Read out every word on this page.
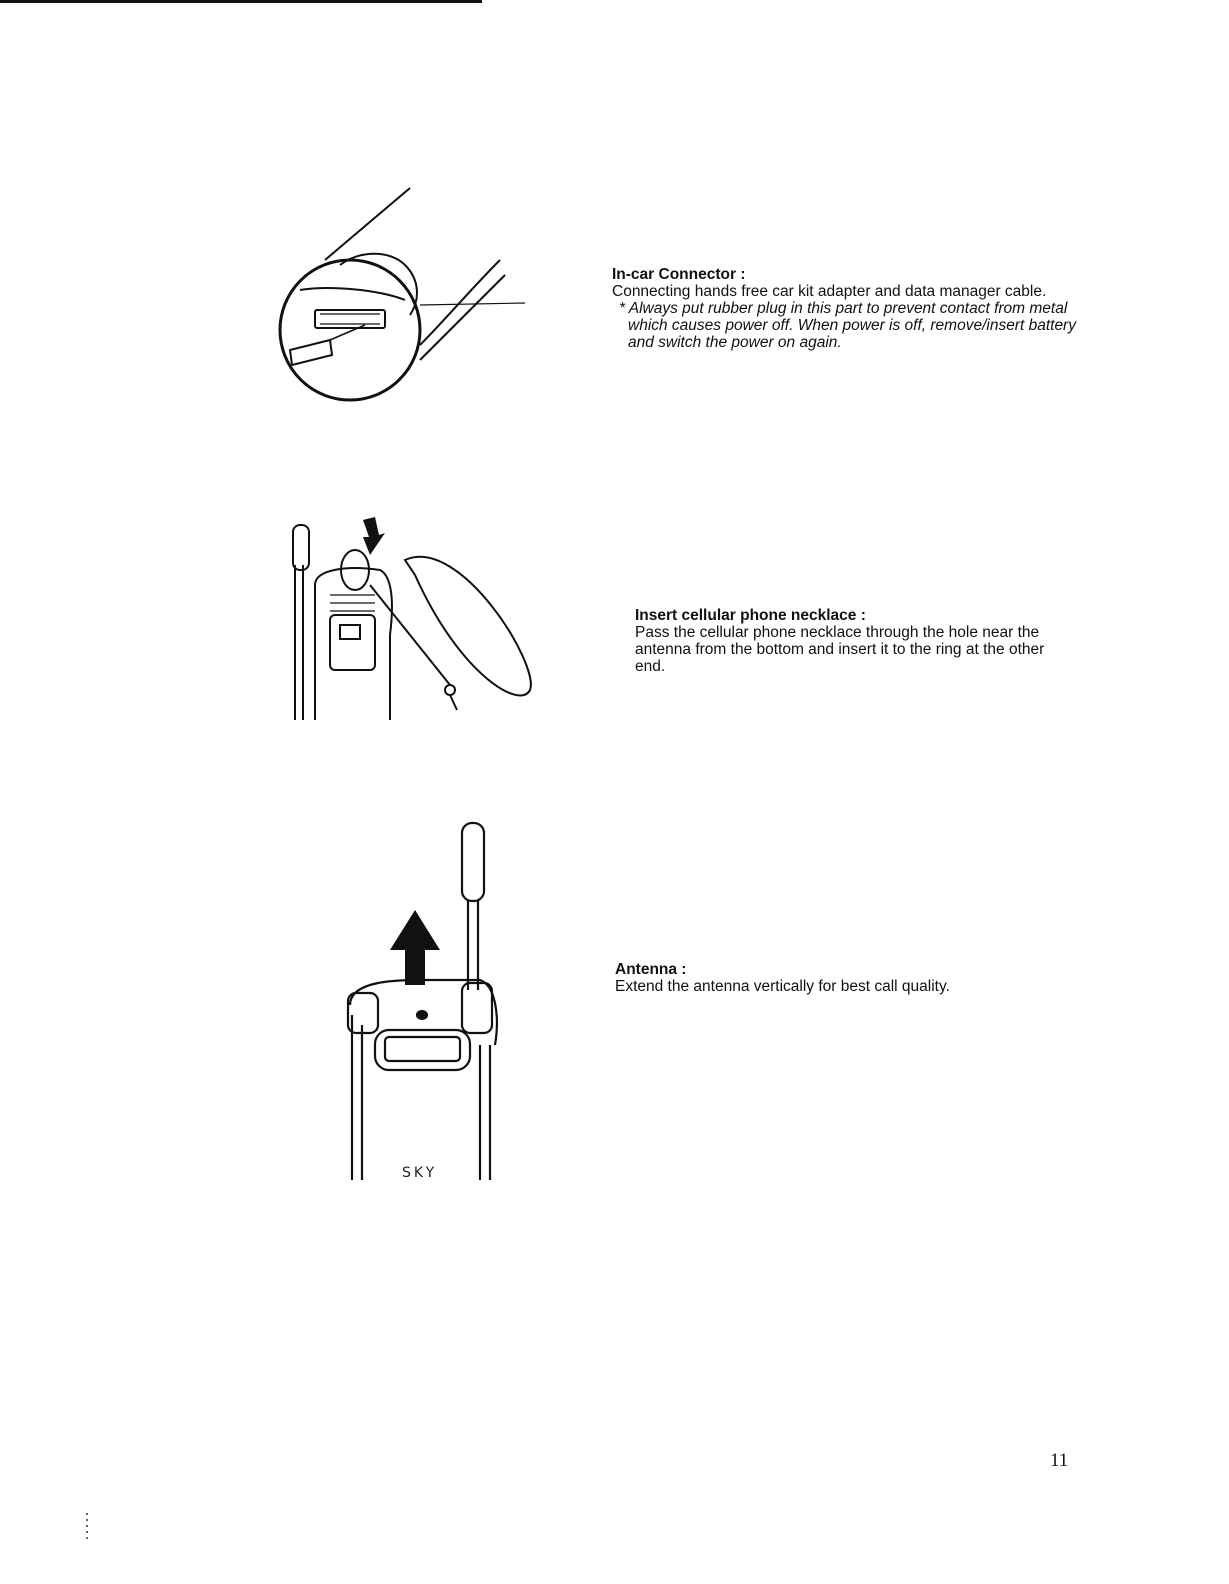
SKY
In-car Connector :
Connecting hands free car kit adapter and data manager cable.
* Always put rubber plug in this part to prevent contact from metal which causes power off. When power is off, remove/insert battery and switch the power on again.
Insert cellular phone necklace :
Pass the cellular phone necklace through the hole near the antenna from the bottom and insert it to the ring at the other end.
Antenna :
Extend the antenna vertically for best call quality.
11
